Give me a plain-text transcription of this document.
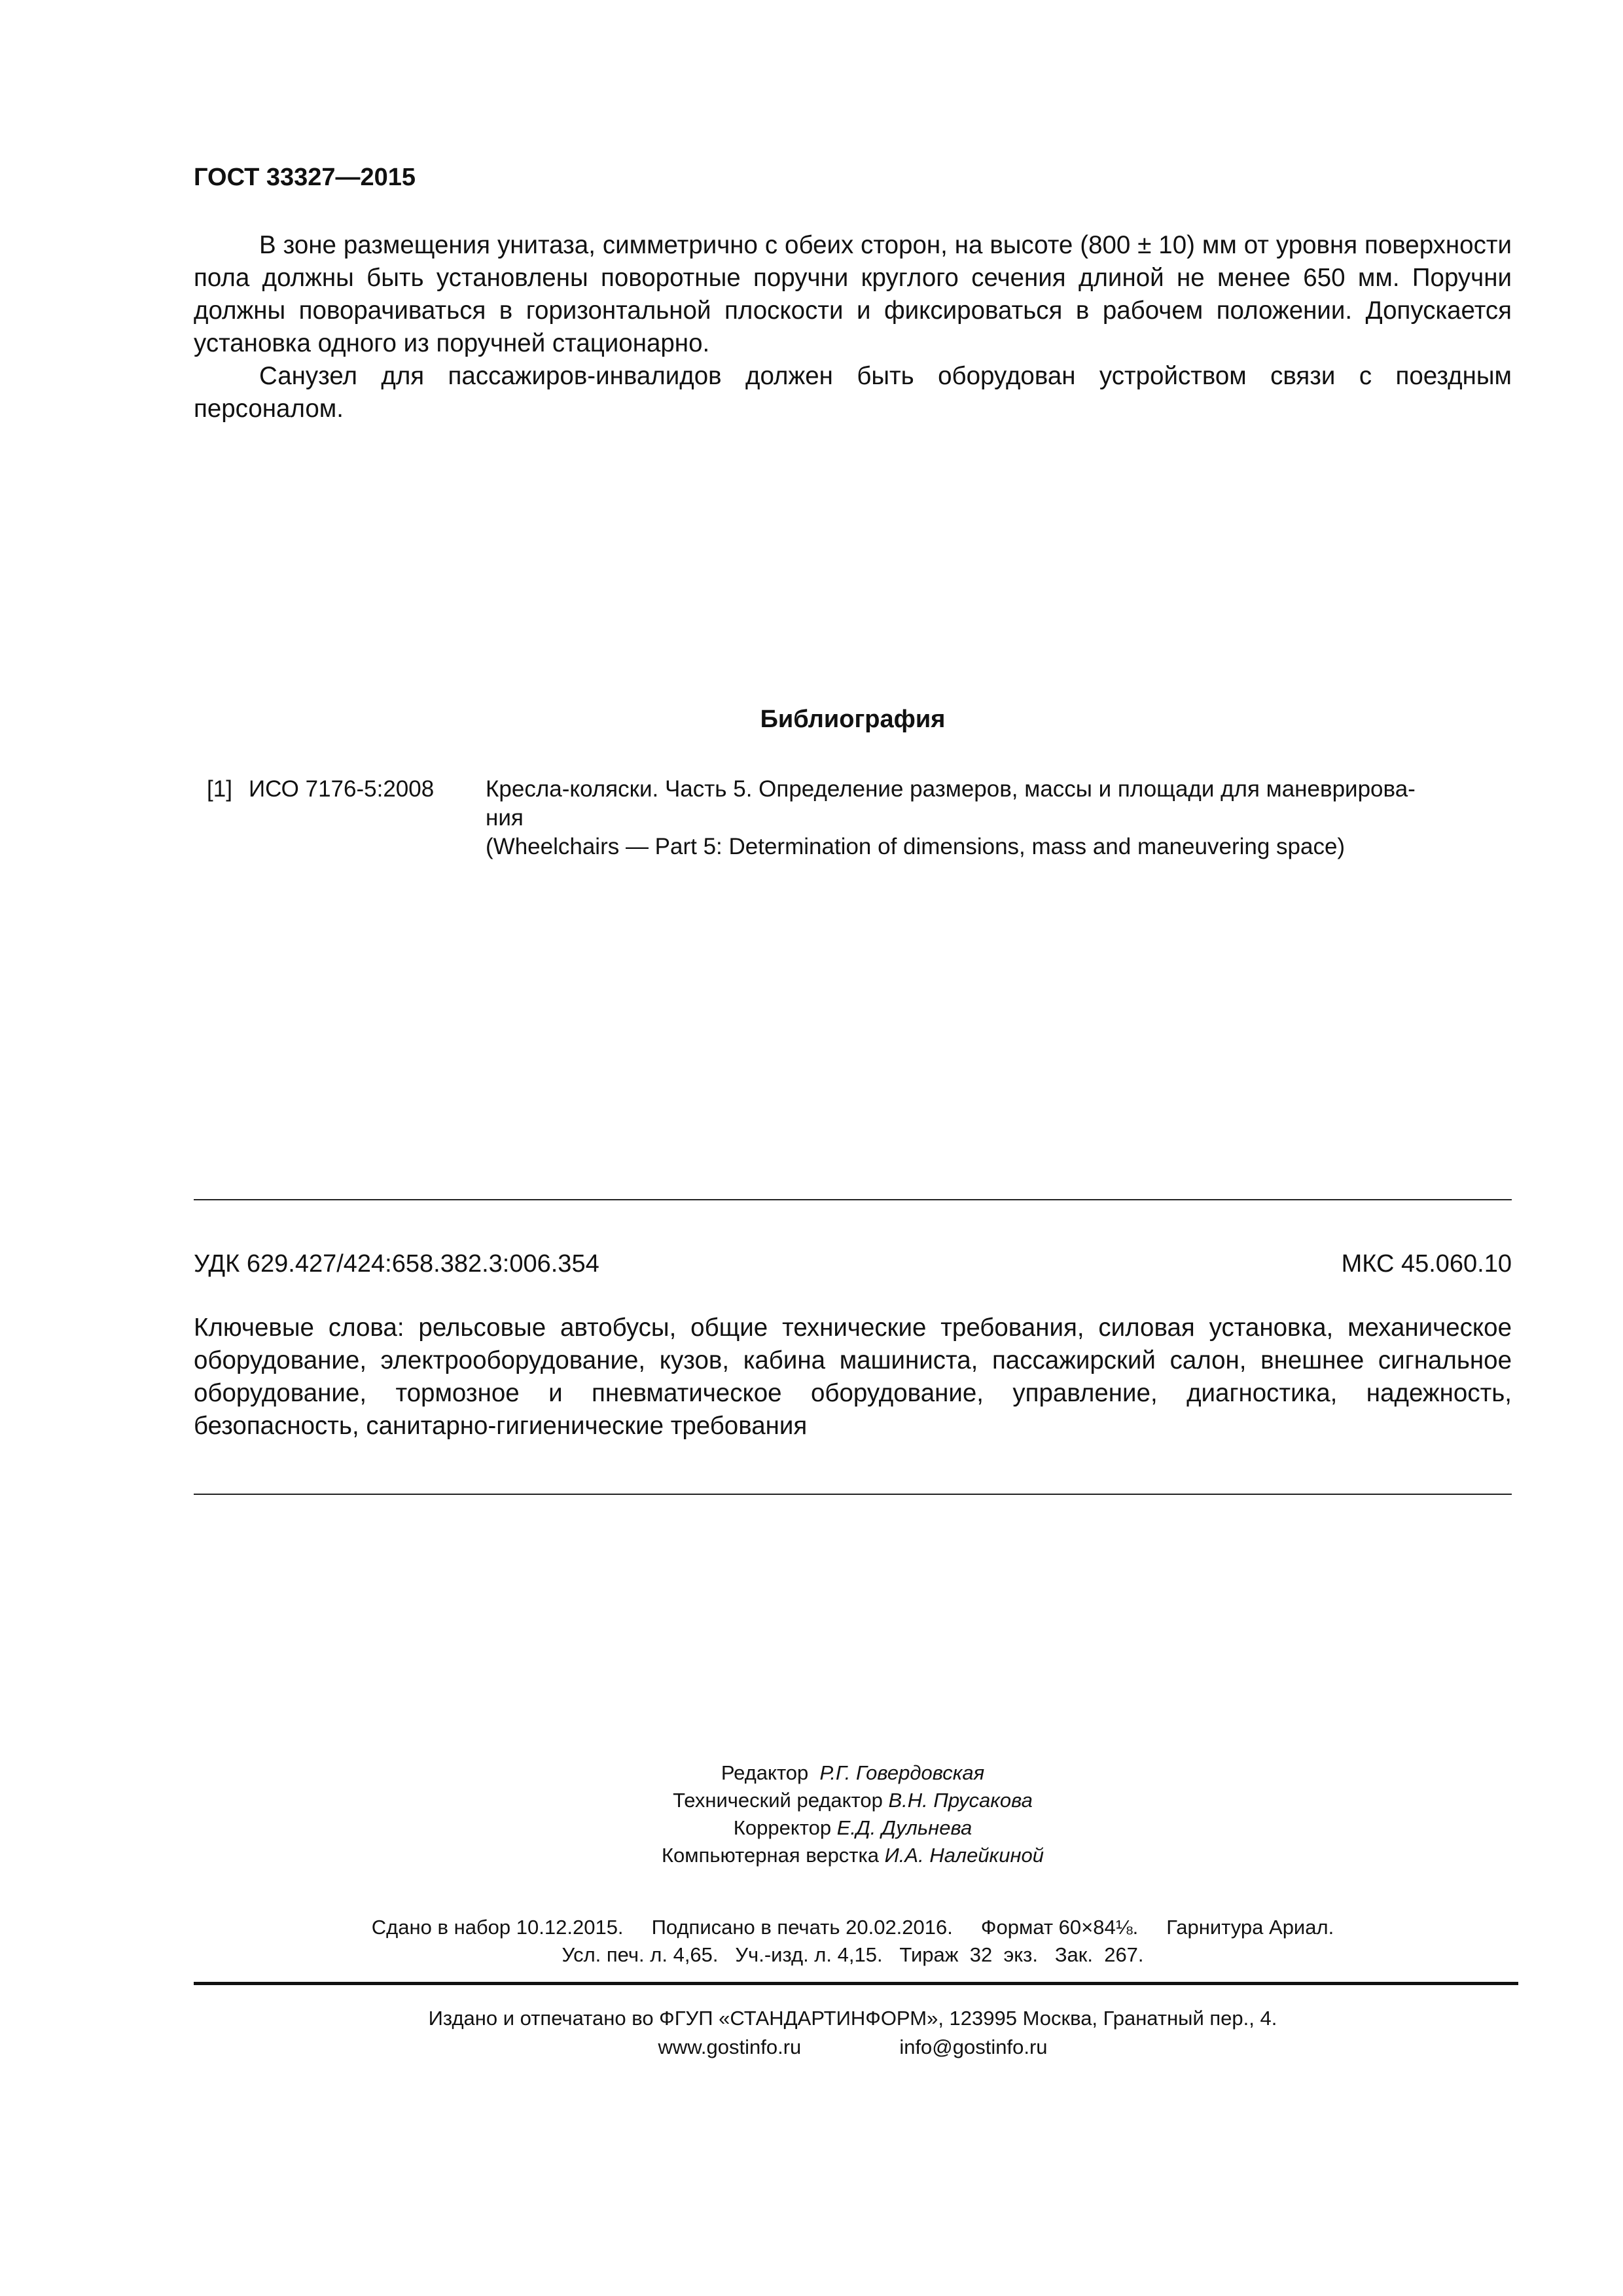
ГОСТ 33327—2015

В зоне размещения унитаза, симметрично с обеих сторон, на высоте (800 ± 10) мм от уровня поверхности пола должны быть установлены поворотные поручни круглого сечения длиной не менее 650 мм. Поручни должны поворачиваться в горизонтальной плоскости и фиксироваться в рабочем положении. Допускается установка одного из поручней стационарно.

Санузел для пассажиров-инвалидов должен быть оборудован устройством связи с поездным персоналом.

Библиография
[1] ИСО 7176-5:2008 Кресла-коляски. Часть 5. Определение размеров, массы и площади для маневрирова-
ния
(Wheelchairs — Part 5: Determination of dimensions, mass and maneuvering space)
УДК 629.427/424:658.382.3:006.354	МКС 45.060.10
Ключевые слова: рельсовые автобусы, общие технические требования, силовая установка, механическое оборудование, электрооборудование, кузов, кабина машиниста, пассажирский салон, внешнее сигнальное оборудование, тормозное и пневматическое оборудование, управление, диагностика, надежность, безопасность, санитарно-гигиенические требования
Редактор Р.Г. Говердовская
Технический редактор В.Н. Прусакова
Корректор Е.Д. Дульнева
Компьютерная верстка И.А. Налейкиной
Сдано в набор 10.12.2015.     Подписано в печать 20.02.2016.     Формат 60×84⅛.     Гарнитура Ариал.
Усл. печ. л. 4,65.   Уч.-изд. л. 4,15.   Тираж  32  экз.   Зак.  267.
Издано и отпечатано во ФГУП «СТАНДАРТИНФОРМ», 123995 Москва, Гранатный пер., 4.
www.gostinfo.ru	info@gostinfo.ru
